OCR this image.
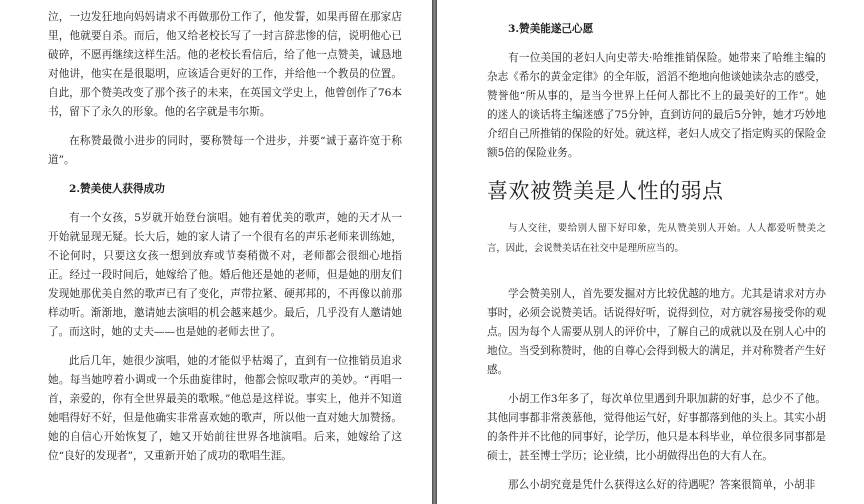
泣，一边发狂地向妈妈请求不再做那份工作了，他发誓，如果再留在那家店里，他就要自杀。而后，他又给老校长写了一封言辞悲惨的信，说明他心已破碎，不愿再继续这样生活。他的老校长看信后，给了他一点赞美，诚恳地对他讲，他实在是很聪明，应该适合更好的工作，并给他一个教员的位置。自此，那个赞美改变了那个孩子的未来，在英国文学史上，他曾创作了76本书，留下了永久的形象。他的名字就是韦尔斯。

在称赞最微小进步的同时，要称赞每一个进步，并要“诚于嘉许宽于称道”。

2.赞美使人获得成功

有一个女孩，5岁就开始登台演唱。她有着优美的歌声，她的天才从一开始就显现无疑。长大后，她的家人请了一个很有名的声乐老师来训练她，不论何时，只要这女孩一想到放弃或节奏稍微不对，老师都会很细心地指正。经过一段时间后，她嫁给了他。婚后他还是她的老师，但是她的朋友们发现她那优美自然的歌声已有了变化，声带拉紧、硬邦邦的，不再像以前那样动听。渐渐地，邀请她去演唱的机会越来越少。最后，几乎没有人邀请她了。而这时，她的丈夫——也是她的老师去世了。

此后几年，她很少演唱，她的才能似乎枯竭了，直到有一位推销员追求她。每当她哼着小调或一个乐曲旋律时，他都会惊叹歌声的美妙。“再唱一首，亲爱的，你有全世界最美的歌喉。”他总是这样说。事实上，他并不知道她唱得好不好，但是他确实非常喜欢她的歌声，所以他一直对她大加赞扬。她的自信心开始恢复了，她又开始前往世界各地演唱。后来，她嫁给了这位“良好的发现者”，又重新开始了成功的歌唱生涯。

3.赞美能遂己心愿

有一位美国的老妇人向史蒂夫·哈维推销保险。她带来了哈维主编的杂志《希尔的黄金定律》的全年版，滔滔不绝地向他谈她读杂志的感受，赞誉他“所从事的，是当今世界上任何人都比不上的最美好的工作”。她的迷人的谈话将主编迷感了75分钟，直到访问的最后5分钟，她才巧妙地介绍自己所推销的保险的好处。就这样，老妇人成交了指定购买的保险金额5倍的保险业务。

喜欢被赞美是人性的弱点

与人交往，要给别人留下好印象，先从赞美别人开始。人人都爱听赞美之言，因此，会说赞美话在社交中是理所应当的。

学会赞美别人，首先要发掘对方比较优越的地方。尤其是请求对方办事时，必须会说赞美话。话说得好听，说得到位，对方就容易接受你的观点。因为每个人需要从别人的评价中，了解自己的成就以及在别人心中的地位。当受到称赞时，他的自尊心会得到极大的满足，并对称赞者产生好感。

小胡工作3年多了，每次单位里遇到升职加薪的好事，总少不了他。其他同事都非常羡慕他，觉得他运气好，好事都落到他的头上。其实小胡的条件并不比他的同事好，论学历，他只是本科毕业，单位很多同事都是硕士，甚至博士学历；论业绩，比小胡做得出色的大有人在。

那么小胡究竟是凭什么获得这么好的待遇呢？答案很简单，小胡非
